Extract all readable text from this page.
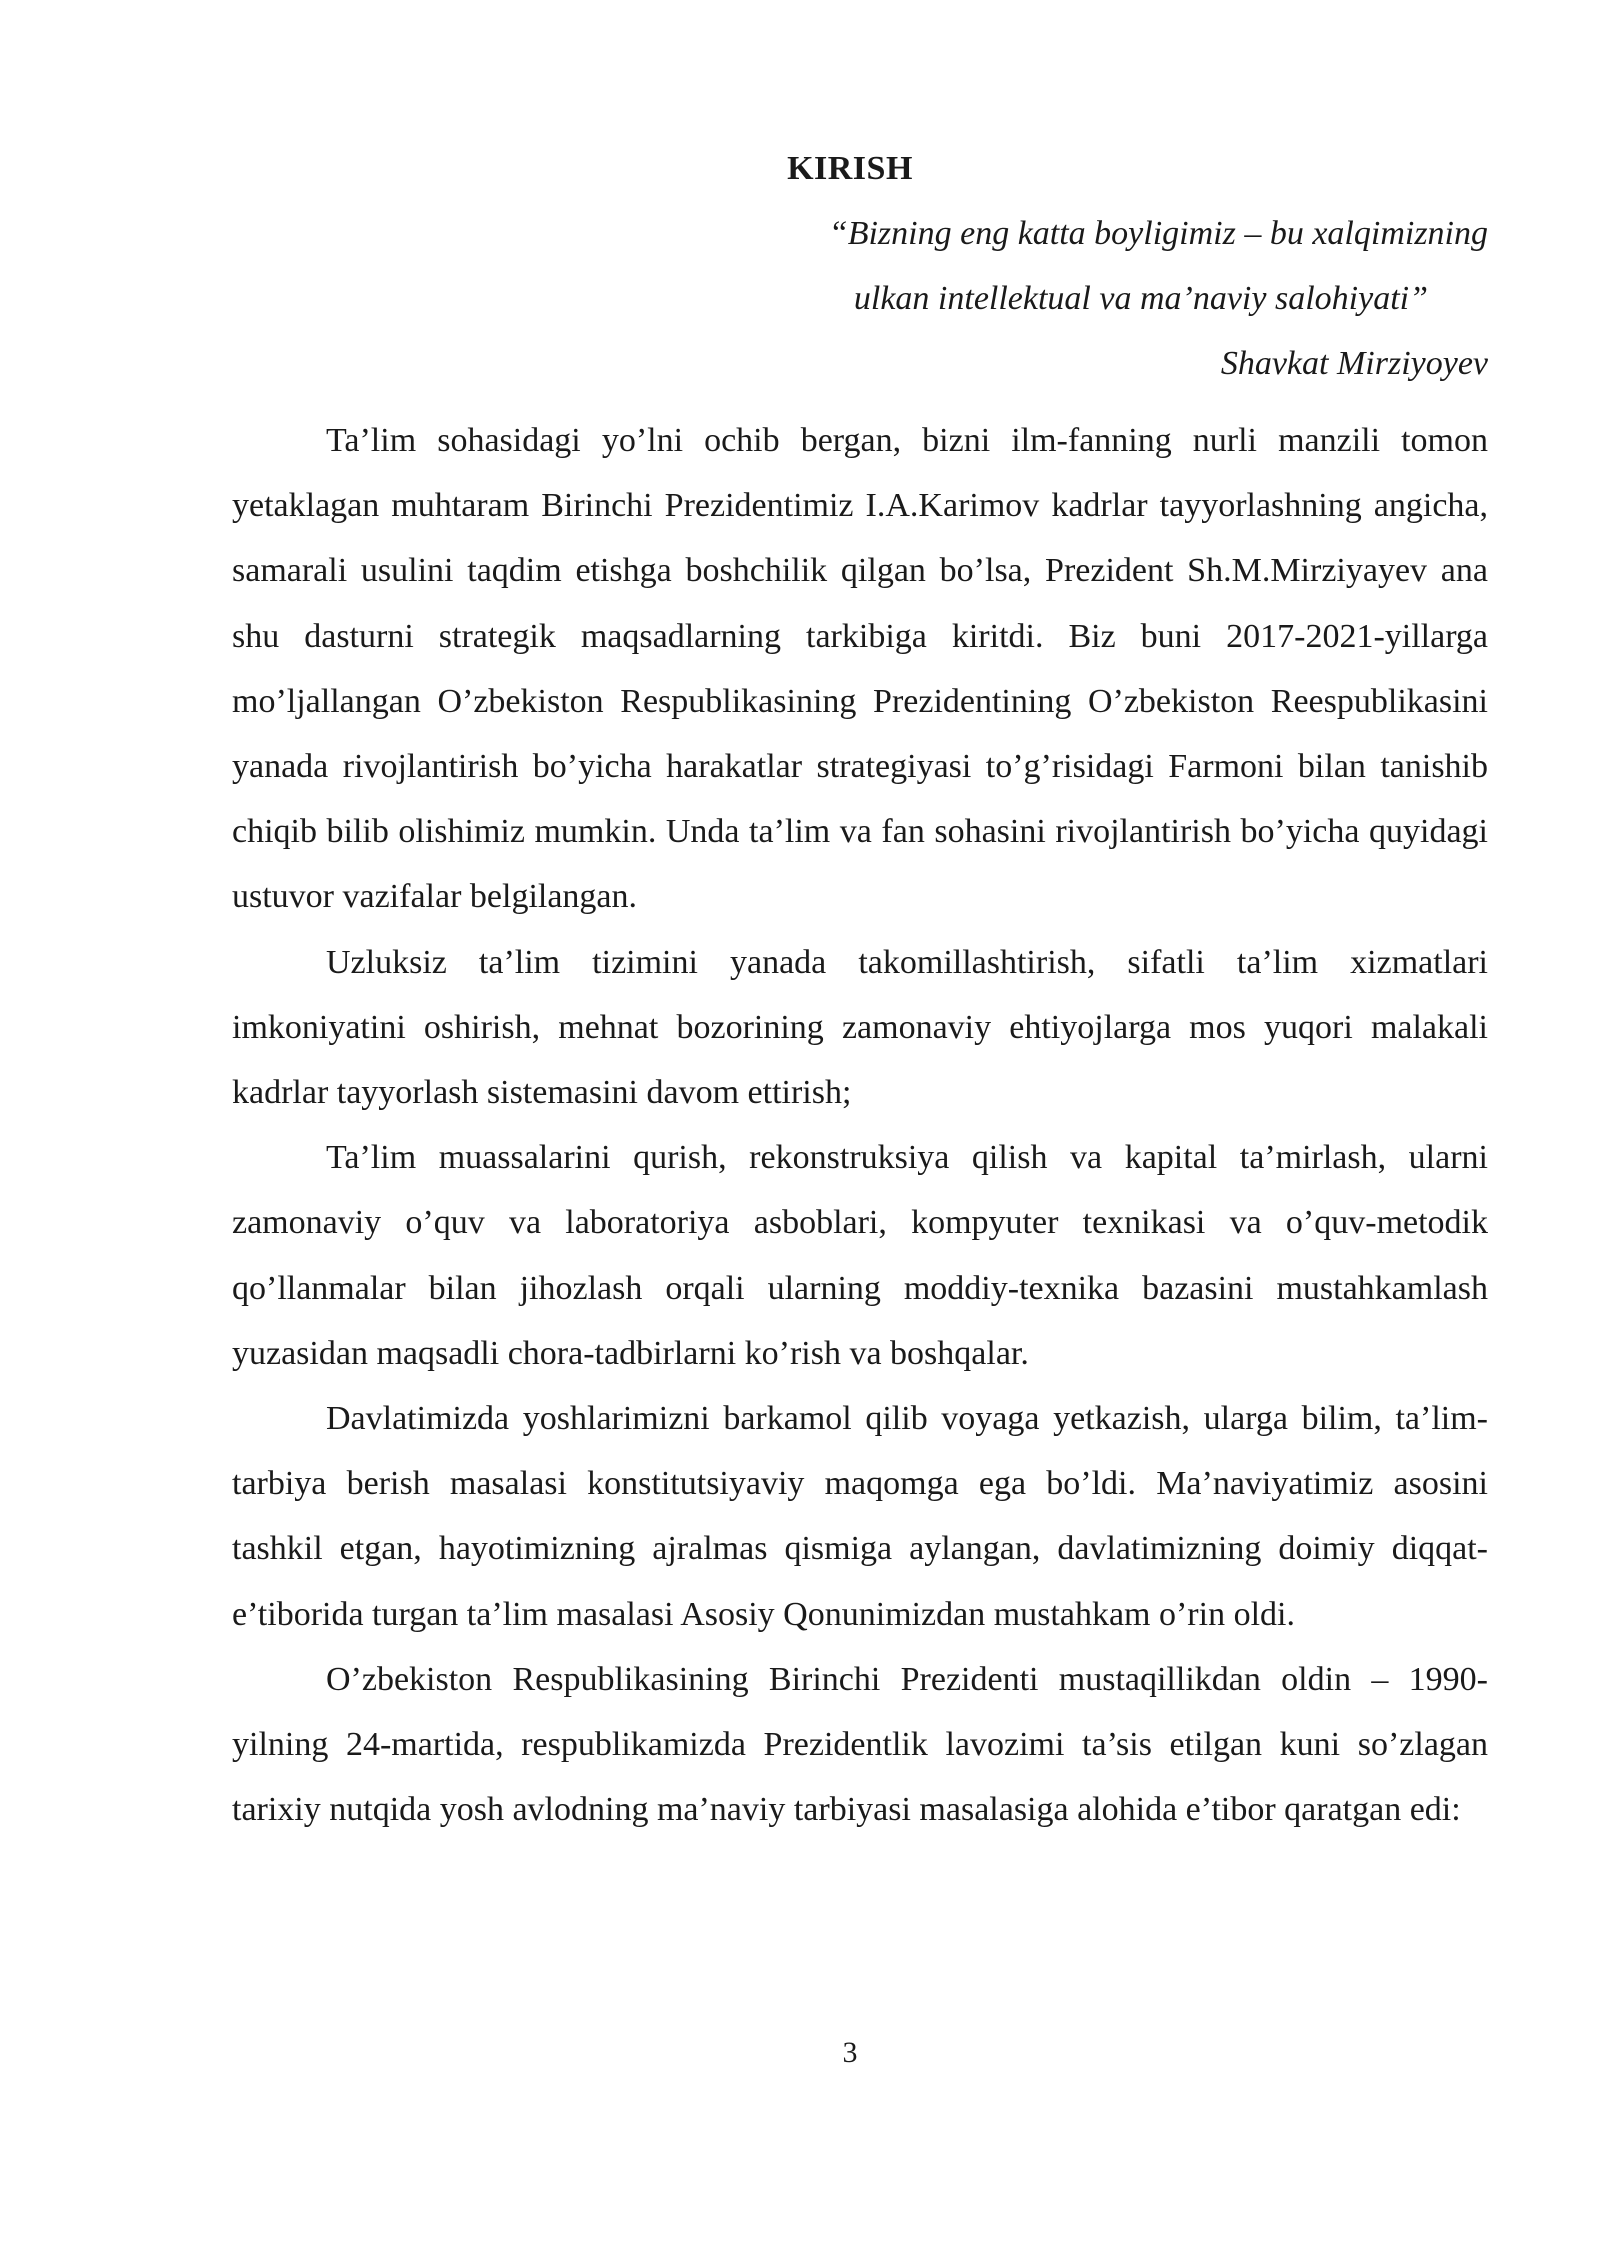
KIRISH
“Bizning eng katta boyligimiz – bu xalqimizning
ulkan intellektual va ma’naviy salohiyati”
Shavkat Mirziyoyev

Ta’lim sohasidagi yo’lni ochib bergan, bizni ilm-fanning nurli manzili tomon yetaklagan muhtaram Birinchi Prezidentimiz I.A.Karimov kadrlar tayyorlashning angicha, samarali usulini taqdim etishga boshchilik qilgan bo’lsa, Prezident Sh.M.Mirziyayev ana shu dasturni strategik maqsadlarning tarkibiga kiritdi. Biz buni 2017-2021-yillarga mo’ljallangan O’zbekiston Respublikasining Prezidentining O’zbekiston Reespublikasini yanada rivojlantirish bo’yicha harakatlar strategiyasi to’g’risidagi Farmoni bilan tanishib chiqib bilib olishimiz mumkin. Unda ta’lim va fan sohasini rivojlantirish bo’yicha quyidagi ustuvor vazifalar belgilangan.

Uzluksiz ta’lim tizimini yanada takomillashtirish, sifatli ta’lim xizmatlari imkoniyatini oshirish, mehnat bozorining zamonaviy ehtiyojlarga mos yuqori malakali kadrlar tayyorlash sistemasini davom ettirish;

Ta’lim muassalarini qurish, rekonstruksiya qilish va kapital ta’mirlash, ularni zamonaviy o’quv va laboratoriya asboblari, kompyuter texnikasi va o’quv-metodik qo’llanmalar bilan jihozlash orqali ularning moddiy-texnika bazasini mustahkamlash yuzasidan maqsadli chora-tadbirlarni ko’rish va boshqalar.

Davlatimizda yoshlarimizni barkamol qilib voyaga yetkazish, ularga bilim, ta’lim-tarbiya berish masalasi konstitutsiyaviy maqomga ega bo’ldi. Ma’naviyatimiz asosini tashkil etgan, hayotimizning ajralmas qismiga aylangan, davlatimizning doimiy diqqat-e’tiborida turgan ta’lim masalasi Asosiy Qonunimizdan mustahkam o’rin oldi.

O’zbekiston Respublikasining Birinchi Prezidenti mustaqillikdan oldin – 1990-yilning 24-martida, respublikamizda Prezidentlik lavozimi ta’sis etilgan kuni so’zlagan tarixiy nutqida yosh avlodning ma’naviy tarbiyasi masalasiga alohida e’tibor qaratgan edi:

3
